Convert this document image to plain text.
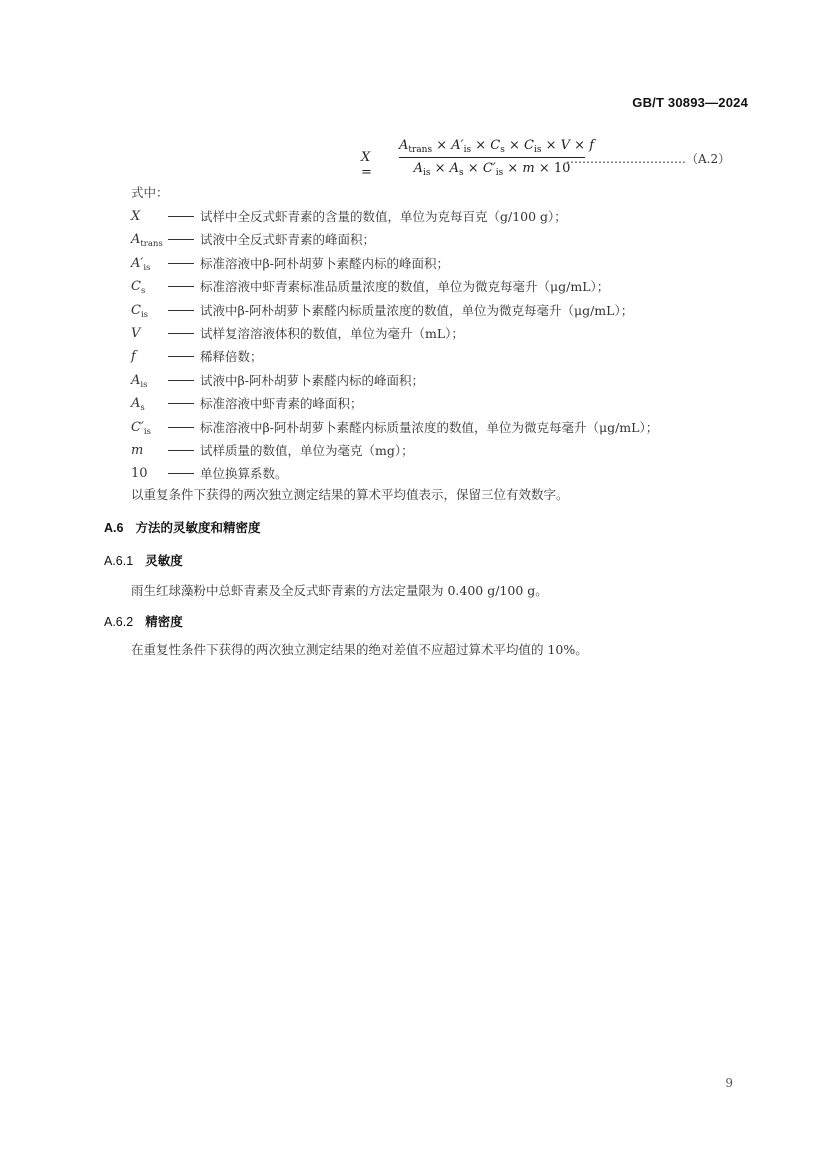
GB/T 30893—2024
X =
$A_{trans} \times A'_{is} \times C_s \times C_{is} \times V \times f$
$A_{is} \times A_s \times C'_{is} \times m \times 10$
…………………………（A.2）
式中：
X	试样中全反式虾青素的含量的数值，单位为克每百克（g/100 g）；
$A_{trans}$	试液中全反式虾青素的峰面积；
$A'_{is}$	标准溶液中β-阿朴胡萝卜素醛内标的峰面积；
$C_s$	标准溶液中虾青素标准品质量浓度的数值，单位为微克每毫升（μg/mL）；
$C_{is}$	试液中β-阿朴胡萝卜素醛内标质量浓度的数值，单位为微克每毫升（μg/mL）；
V	试样复溶溶液体积的数值，单位为毫升（mL）；
f	稀释倍数；
$A_{is}$	试液中β-阿朴胡萝卜素醛内标的峰面积；
$A_s$	标准溶液中虾青素的峰面积；
$C'_{is}$	标准溶液中β-阿朴胡萝卜素醛内标质量浓度的数值，单位为微克每毫升（μg/mL）；
m	试样质量的数值，单位为毫克（mg）；
10	单位换算系数。
以重复条件下获得的两次独立测定结果的算术平均值表示，保留三位有效数字。
A.6 方法的灵敏度和精密度
A.6.1 灵敏度
雨生红球藻粉中总虾青素及全反式虾青素的方法定量限为 0.400 g/100 g。
A.6.2 精密度
在重复性条件下获得的两次独立测定结果的绝对差值不应超过算术平均值的 10%。
9
